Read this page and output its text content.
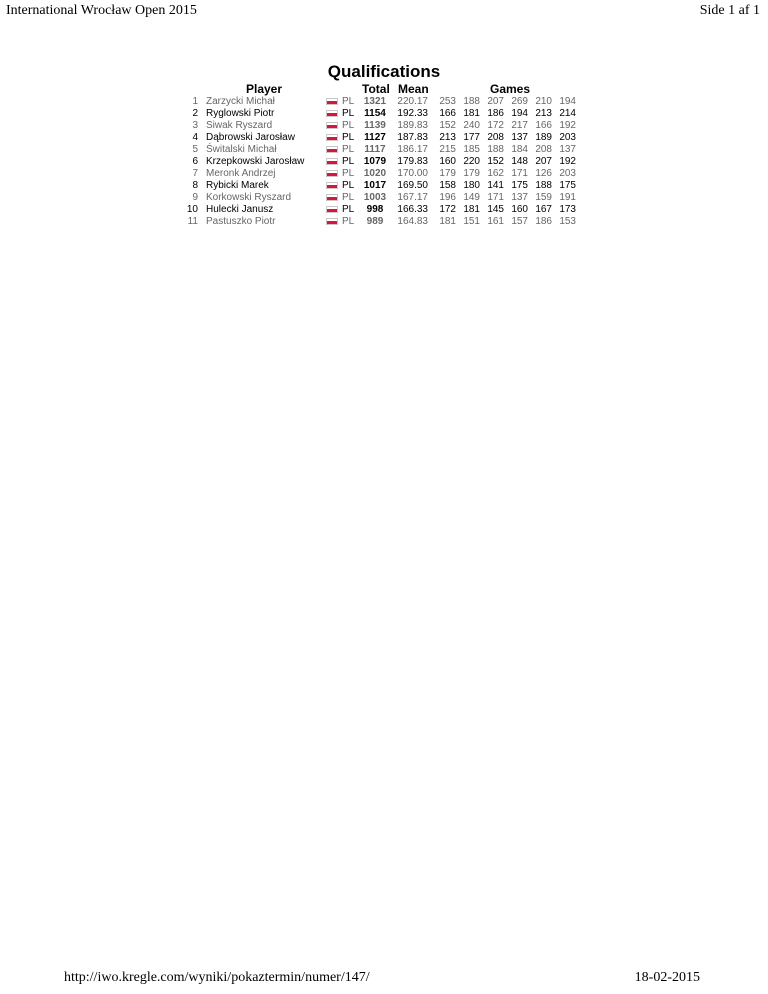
International Wrocław Open 2015	Side 1 af 1
Qualifications
Player	Total Mean	Games
1	Zarzycki Michał		PL	1321	220.17	253	188	207	269	210	194
2	Ryglowski Piotr		PL	1154	192.33	166	181	186	194	213	214
3	Siwak Ryszard		PL	1139	189.83	152	240	172	217	166	192
4	Dąbrowski Jarosław		PL	1127	187.83	213	177	208	137	189	203
5	Świtalski Michał		PL	1117	186.17	215	185	188	184	208	137
6	Krzepkowski Jarosław		PL	1079	179.83	160	220	152	148	207	192
7	Meronk Andrzej		PL	1020	170.00	179	179	162	171	126	203
8	Rybicki Marek		PL	1017	169.50	158	180	141	175	188	175
9	Korkowski Ryszard		PL	1003	167.17	196	149	171	137	159	191
10	Hulecki Janusz		PL	998	166.33	172	181	145	160	167	173
11	Pastuszko Piotr		PL	989	164.83	181	151	161	157	186	153
http://iwo.kregle.com/wyniki/pokaztermin/numer/147/	18-02-2015
